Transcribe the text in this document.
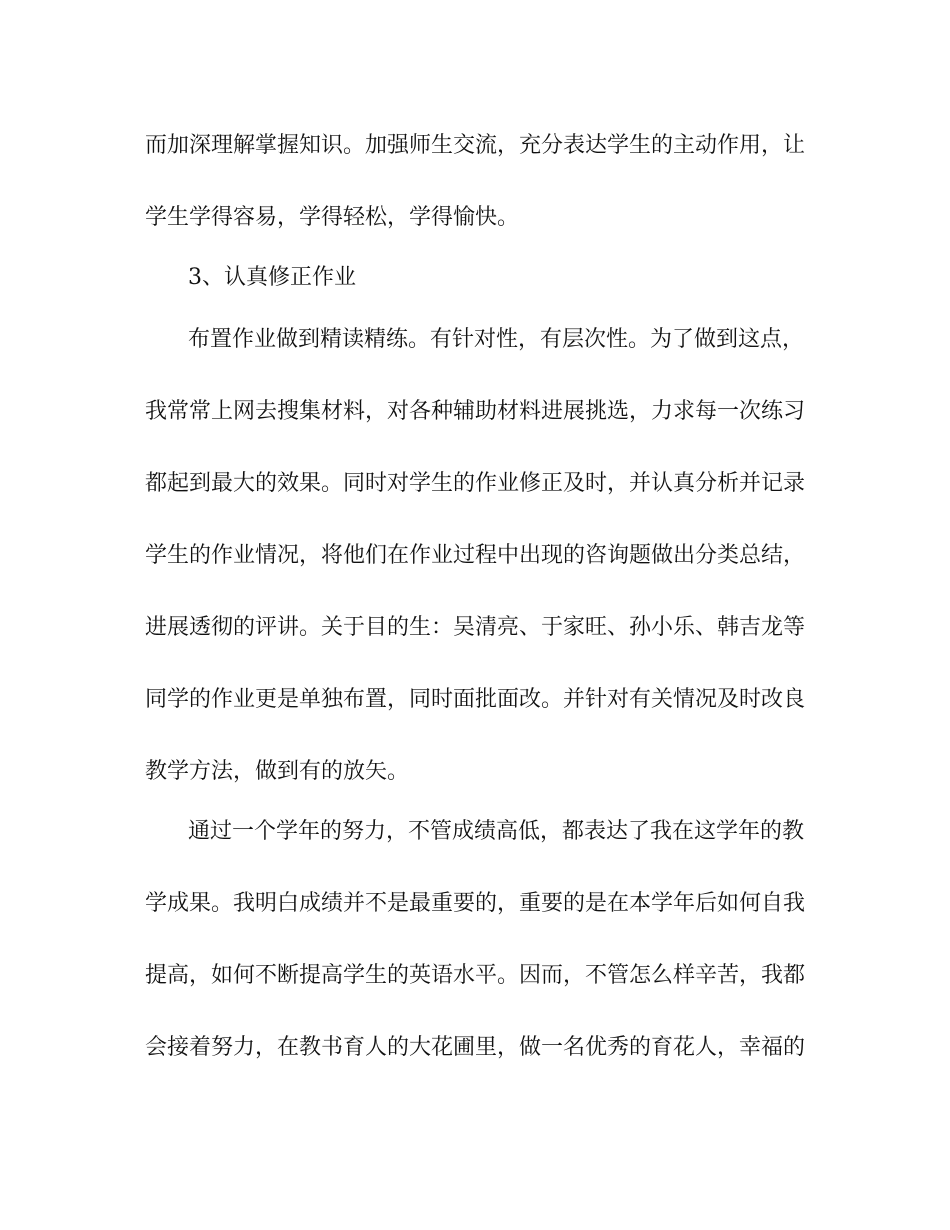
而加深理解掌握知识。加强师生交流，充分表达学生的主动作用，让

学生学得容易，学得轻松，学得愉快。

3、认真修正作业

布置作业做到精读精练。有针对性，有层次性。为了做到这点，

我常常上网去搜集材料，对各种辅助材料进展挑选，力求每一次练习

都起到最大的效果。同时对学生的作业修正及时，并认真分析并记录

学生的作业情况，将他们在作业过程中出现的咨询题做出分类总结，

进展透彻的评讲。关于目的生：吴清亮、于家旺、孙小乐、韩吉龙等

同学的作业更是单独布置，同时面批面改。并针对有关情况及时改良

教学方法，做到有的放矢。

通过一个学年的努力，不管成绩高低，都表达了我在这学年的教

学成果。我明白成绩并不是最重要的，重要的是在本学年后如何自我

提高，如何不断提高学生的英语水平。因而，不管怎么样辛苦，我都

会接着努力，在教书育人的大花圃里，做一名优秀的育花人，幸福的
